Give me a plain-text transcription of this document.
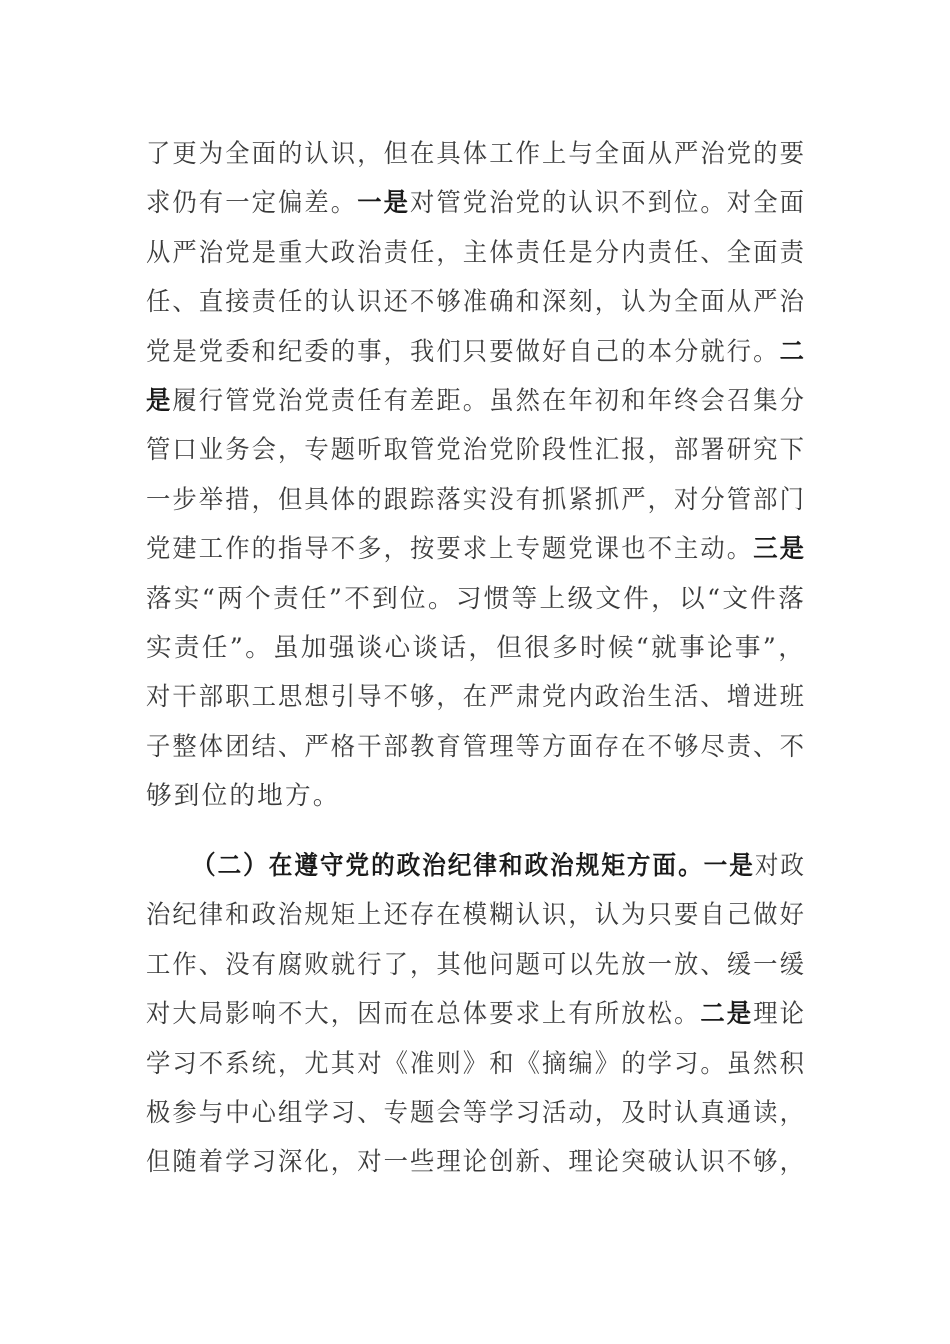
了更为全面的认识，但在具体工作上与全面从严治党的要
求仍有一定偏差。一是对管党治党的认识不到位。对全面
从严治党是重大政治责任，主体责任是分内责任、全面责
任、直接责任的认识还不够准确和深刻，认为全面从严治
党是党委和纪委的事，我们只要做好自己的本分就行。二
是履行管党治党责任有差距。虽然在年初和年终会召集分
管口业务会，专题听取管党治党阶段性汇报，部署研究下
一步举措，但具体的跟踪落实没有抓紧抓严，对分管部门
党建工作的指导不多，按要求上专题党课也不主动。三是
落实“两个责任”不到位。习惯等上级文件，以“文件落
实责任”。虽加强谈心谈话，但很多时候“就事论事”，
对干部职工思想引导不够，在严肃党内政治生活、增进班
子整体团结、严格干部教育管理等方面存在不够尽责、不
够到位的地方。
（二）在遵守党的政治纪律和政治规矩方面。一是对政
治纪律和政治规矩上还存在模糊认识，认为只要自己做好
工作、没有腐败就行了，其他问题可以先放一放、缓一缓
对大局影响不大，因而在总体要求上有所放松。二是理论
学习不系统，尤其对《准则》和《摘编》的学习。虽然积
极参与中心组学习、专题会等学习活动，及时认真通读，
但随着学习深化，对一些理论创新、理论突破认识不够，
